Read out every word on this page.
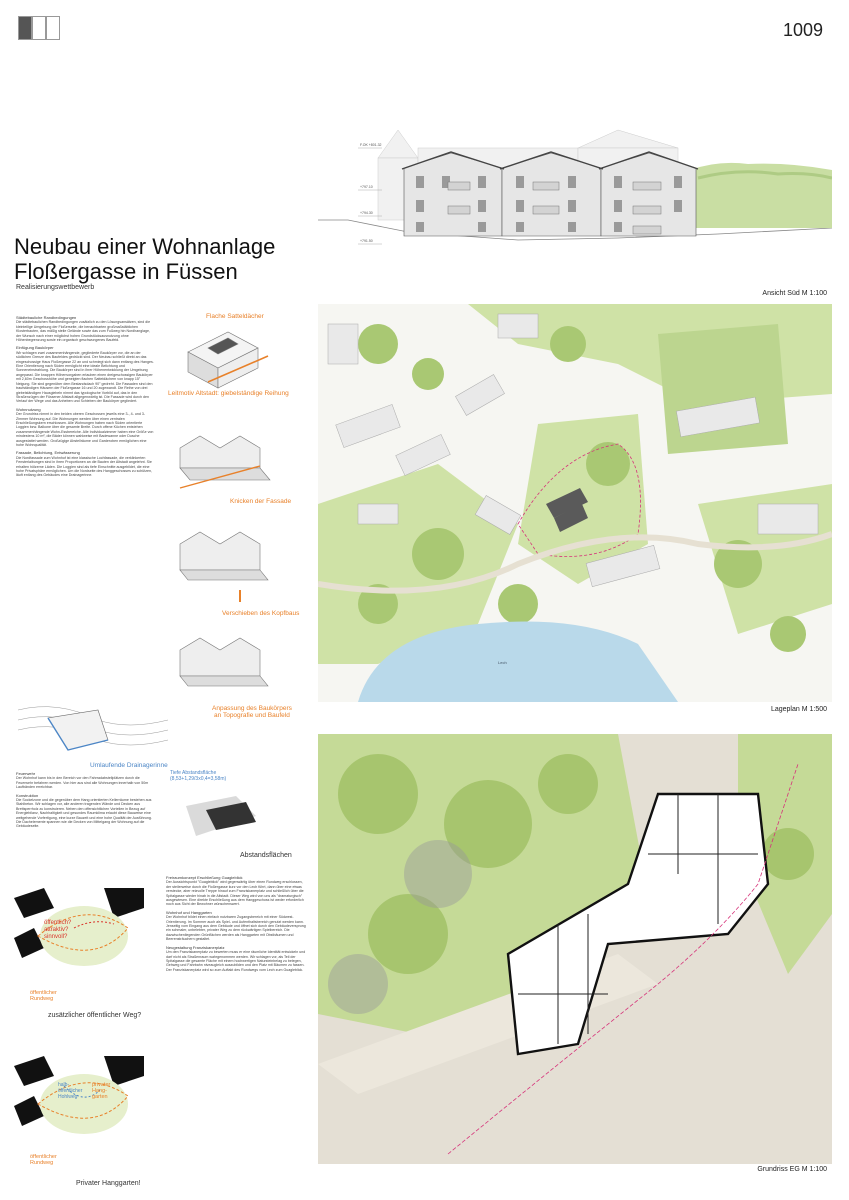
1009
Neubau einer Wohnanlage
Floßergasse in Füssen
Realisierungswettbewerb
F.OK +801.32
+797.10
+794.30
+791.50
Ansicht Süd M 1:100
Lech
Lageplan M 1:500
Grundriss EG M 1:100
Flache Satteldächer
Leitmotiv Altstadt: giebelständige Reihung
Knicken der Fassade
Verschieben des Kopfbaus
Anpassung des Baukörpers
an Topografie und Baufeld
Umlaufende Drainagerinne
Tiefe Abstandsfläche
(8,53+1,29/3x0,4=3,58m)
Abstandsflächen
öffentlich?
attraktiv?
sinnvoll?
öffentlicher
Rundweg
zusätzlicher öffentlicher Weg?
halb-
öffentlicher
Hohlweg
privater
Hang-
garten
öffentlicher
Rundweg
Privater Hanggarten!
Städtebauliche Randbedingungen
Die städtebaulichen Randbedingungen zusätzlich zu den Lösungsansätzen, sind die kleinteilige Umgebung der Floßerseite, die benachbarten großmaßstäblichen Klosterbauten, das mäßig steile Gelände sowie das zum Fußweg hin Nordhanglage, der Wunsch nach einer möglichst hohen Grundstücksausnutzung ohne Höhenbegrenzung sowie ein organisch geschwungenes Baufeld.
Einfügung Baukörper
Wir schlagen zwei zusammenhängende, gegliederte Baukörper vor, die an der südlichen Grenze des Baufeldes gedrückt sind. Der Neubau schließt direkt an das eingeschossige Haus Floßergasse 22 an und schmiegt sich dann entlang des Hanges. Eine Orientierung nach Süden ermöglicht eine ideale Belichtung und Sonneneinstrahlung. Die Baukörper sind in ihrer Höhenentwicklung der Umgebung angepasst. Die knappen Höhenvorgaben erlauben einen dreigeschossigen Baukörper mit 2,60m Geschosshöhe und geneigten flachen Satteldächern von knapp 15° Neigung. Sie sind gegenüber dem Bestandsdach 90° gedreht. Die Fassaden sind den traufständigen Häusern der Floßergasse 16 und 20 zugewandt. Die Reihe von drei giebelständigen Hausgiebeln nimmt das typologische Vorbild auf, das in den Straßenzügen der Füssener Altstadt allgegenwärtig ist. Die Fassade wird durch den Verlauf der Wege und das Anheben und Schieben der Baukörper gegliedert.
Wohnnutzung
Der Grundriss nimmt in den beiden oberen Geschossen jeweils eine 3-, 4- und 3-Zimmer Wohnung auf. Die Wohnungen werden über einen zentralen Erschließungskern erschlossen. Alle Wohnungen haben nach Süden orientierte Loggien bzw. Balkone über die gesamte Breite. Durch offene Küchen entstehen zusammenhängende Wohn-Essbereiche. Alle Individualzimmer haben eine Größe von mindestens 10 m², die Bäder können wahlweise mit Badewanne oder Dusche ausgestattet werden. Großzügige Abstellräume und Garderoben ermöglichen eine hohe Wohnqualität.
Fassade, Belichtung, Entwässerung
Die Nordfassade zum Wohnhof ist eine klassische Lochfassade, die verklinkerten Fensterlaibungen sind in ihren Proportionen an die Bauten der Altstadt angelehnt. Sie erhalten hölzerne Läden. Die Loggien sind als tiefe Einschnitte ausgebildet, die eine hohe Privatsphäre ermöglichen. Um die Nordseite des Hanggeschosses zu schützen, läuft entlang des Gebäudes eine Drainagerinne.
Feuerwehr
Der Wohnhof kann bis in den Bereich vor den Fahrradabstellplätzen durch die Feuerwehr befahren werden. Von hier aus sind alle Wohnungen innerhalb von 50m Laufbänden erreichbar.
Konstruktion
Die Sockelzone und die gegenüber dem Hang orientierten Kellerräume bestehen aus Stahlbeton. Wir schlagen vor, alle anderen tragenden Wände und Decken aus Brettsperrholz zu konstruieren. Neben den offensichtlichen Vorteilen in Bezug auf Energiebilanz, Nachhaltigkeit und gesundes Raumklima erlaubt diese Bauweise eine weitgehende Vorfertigung, eine kurze Bauzeit und eine hohe Qualität der Ausführung. Die Dachelemente spannen wie die Decken von Mittelgang der Wohnung auf die Gebäudeseite.
Freiraumkonzept Erschließung Guagleblick
Der Aussichtspunkt "Guagleblick" wird gegenwärtig über einen Rundweg erschlossen, der steilerweise durch die Floßergasse kurz vor den Lech führt, dann über eine etwas verstecke, aber reizvolle Treppe hinauf zum Franziskanerplatz und schließlich über die Spitalgasse wieder hinab in die Altstadt. Dieser Weg wird von uns als "dramaturgisch" ausgewiesen. Eine direkte Erschließung aus dem Hanggeschoss ist weder erforderlich noch aus Sicht der Bewohner wünschenswert.
Wohnhof und Hanggarten
Der Wohnhof bildet einen einfach nutzbaren Zugangsbereich mit einer Südwest-Orientierung. Im Sommer auch als Spiel- und Aufenthaltsbereich genutzt werden kann. Jenseitig vom Eingang aus dem Gebäude und öffnet sich durch den Gebäudeversprung ein schmaler, unbelebter, privater Weg zu dem rückwärtigen Spielbereich. Die dazwischenliegenden Grünflächen werden als Hanggarten mit Obstbäumen und Beerensträuchern gestaltet.
Neugestaltung Franziskanerplatz
Um den Franziskanerplatz zu bewerten muss er eine räumliche Identität entwickeln und darf nicht als Straßenraum wahrgenommen werden. Wir schlagen vor, als Teil der Spitalgasse die gesamte Fläche mit einem hochwertigen Natursteinbelag zu belegen, Gehweg und Fahrbahn niveaugleich auszubilden und den Platz mit Bäumen zu fassen. Der Franziskanerplatz wird so zum Auftakt des Rundwegs vom Lech zum Guagleblick.
